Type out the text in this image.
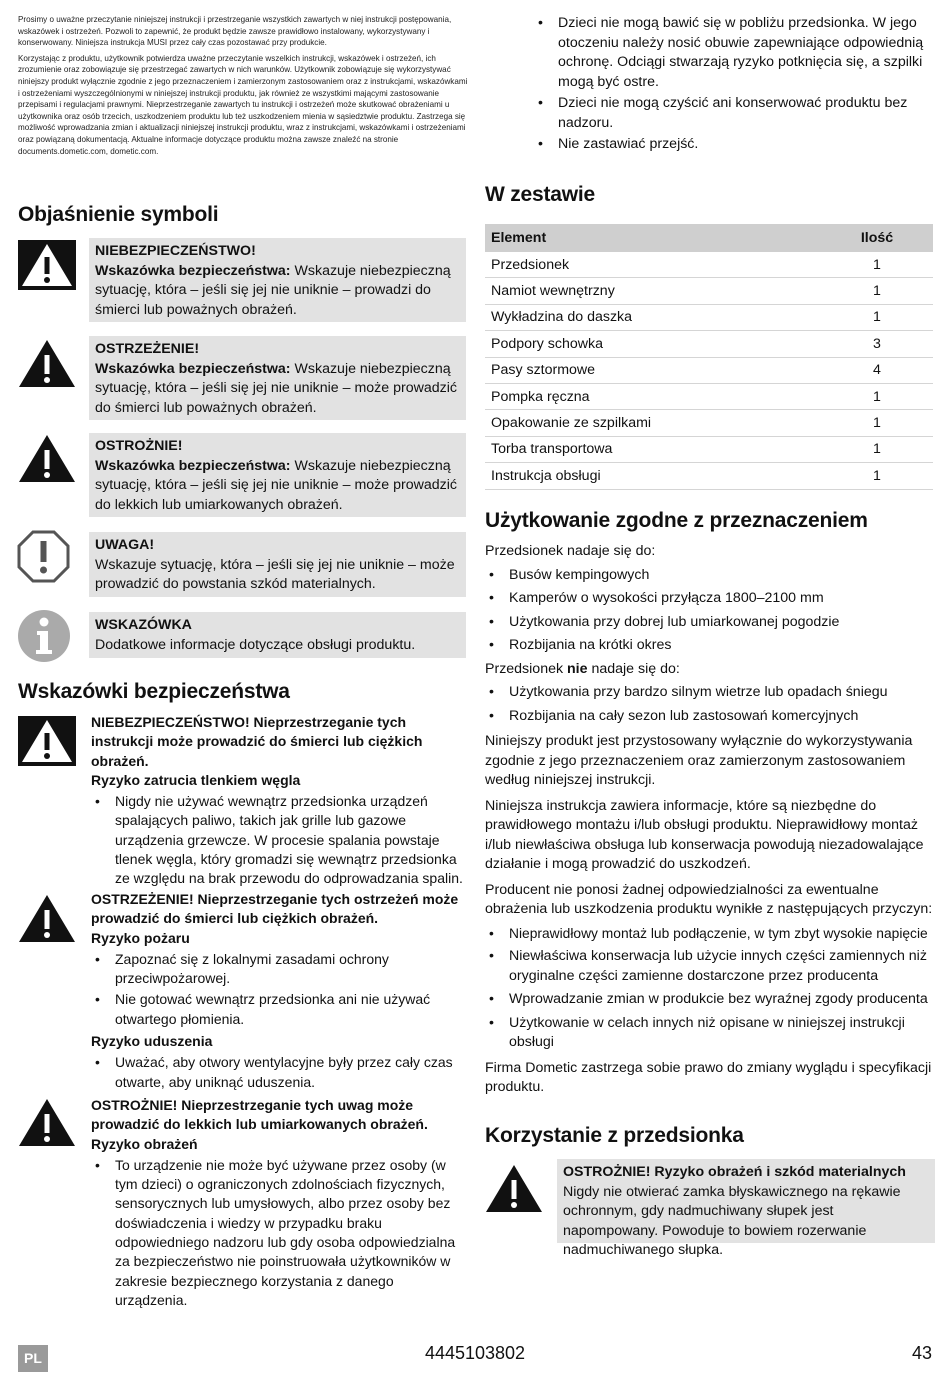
Prosimy o uważne przeczytanie niniejszej instrukcji i przestrzeganie wszystkich zawartych w niej instrukcji postępowania, wskazówek i ostrzeżeń. Pozwoli to zapewnić, że produkt będzie zawsze prawidłowo instalowany, wykorzystywany i konserwowany. Niniejsza instrukcja MUSI przez cały czas pozostawać przy produkcie.

Korzystając z produktu, użytkownik potwierdza uważne przeczytanie wszelkich instrukcji, wskazówek i ostrzeżeń, ich zrozumienie oraz zobowiązuje się przestrzegać zawartych w nich warunków. Użytkownik zobowiązuje się wykorzystywać niniejszy produkt wyłącznie zgodnie z jego przeznaczeniem i zamierzonym zastosowaniem oraz z instrukcjami, wskazówkami i ostrzeżeniami wyszczególnionymi w niniejszej instrukcji produktu, jak również ze wszystkimi mającymi zastosowanie przepisami i regulacjami prawnymi. Nieprzestrzeganie zawartych tu instrukcji i ostrzeżeń może skutkować obrażeniami u użytkownika oraz osób trzecich, uszkodzeniem produktu lub też uszkodzeniem mienia w sąsiedztwie produktu. Zastrzega się możliwość wprowadzania zmian i aktualizacji niniejszej instrukcji produktu, wraz z instrukcjami, wskazówkami i ostrzeżeniami oraz powiązaną dokumentacją. Aktualne informacje dotyczące produktu można zawsze znaleźć na stronie documents.dometic.com, dometic.com.

Objaśnienie symboli
NIEBEZPIECZEŃSTWO!
Wskazówka bezpieczeństwa: Wskazuje niebezpieczną sytuację, która – jeśli się jej nie uniknie – prowadzi do śmierci lub poważnych obrażeń.
OSTRZEŻENIE!
Wskazówka bezpieczeństwa: Wskazuje niebezpieczną sytuację, która – jeśli się jej nie uniknie – może prowadzić do śmierci lub poważnych obrażeń.
OSTROŻNIE!
Wskazówka bezpieczeństwa: Wskazuje niebezpieczną sytuację, która – jeśli się jej nie uniknie – może prowadzić do lekkich lub umiarkowanych obrażeń.
UWAGA!
Wskazuje sytuację, która – jeśli się jej nie uniknie – może prowadzić do powstania szkód materialnych.
WSKAZÓWKA
Dodatkowe informacje dotyczące obsługi produktu.
Wskazówki bezpieczeństwa
NIEBEZPIECZEŃSTWO! Nieprzestrzeganie tych instrukcji może prowadzić do śmierci lub ciężkich obrażeń.
Ryzyko zatrucia tlenkiem węgla
• Nigdy nie używać wewnątrz przedsionka urządzeń spalających paliwo, takich jak grille lub gazowe urządzenia grzewcze. W procesie spalania powstaje tlenek węgla, który gromadzi się wewnątrz przedsionka ze względu na brak przewodu do odprowadzania spalin.
OSTRZEŻENIE! Nieprzestrzeganie tych ostrzeżeń może prowadzić do śmierci lub ciężkich obrażeń.
Ryzyko pożaru
• Zapoznać się z lokalnymi zasadami ochrony przeciwpożarowej.
• Nie gotować wewnątrz przedsionka ani nie używać otwartego płomienia.
Ryzyko uduszenia
• Uważać, aby otwory wentylacyjne były przez cały czas otwarte, aby uniknąć uduszenia.
OSTROŻNIE! Nieprzestrzeganie tych uwag może prowadzić do lekkich lub umiarkowanych obrażeń.
Ryzyko obrażeń
• To urządzenie nie może być używane przez osoby (w tym dzieci) o ograniczonych zdolnościach fizycznych, sensorycznych lub umysłowych, albo przez osoby bez doświadczenia i wiedzy w przypadku braku odpowiedniego nadzoru lub gdy osoba odpowiedzialna za bezpieczeństwo nie poinstruowała użytkowników w zakresie bezpiecznego korzystania z danego urządzenia.
• Dzieci nie mogą bawić się w pobliżu przedsionka. W jego otoczeniu należy nosić obuwie zapewniające odpowiednią ochronę. Odciągi stwarzają ryzyko potknięcia się, a szpilki mogą być ostre.
• Dzieci nie mogą czyścić ani konserwować produktu bez nadzoru.
• Nie zastawiać przejść.
W zestawie
Element	Ilość
Przedsionek	1
Namiot wewnętrzny	1
Wykładzina do daszka	1
Podpory schowka	3
Pasy sztormowe	4
Pompka ręczna	1
Opakowanie ze szpilkami	1
Torba transportowa	1
Instrukcja obsługi	1
Użytkowanie zgodne z przeznaczeniem

Przedsionek nadaje się do:

• Busów kempingowych
• Kamperów o wysokości przyłącza 1800–2100 mm
• Użytkowania przy dobrej lub umiarkowanej pogodzie
• Rozbijania na krótki okres

Przedsionek nie nadaje się do:

• Użytkowania przy bardzo silnym wietrze lub opadach śniegu
• Rozbijania na cały sezon lub zastosowań komercyjnych

Niniejszy produkt jest przystosowany wyłącznie do wykorzystywania zgodnie z jego przeznaczeniem oraz zamierzonym zastosowaniem według niniejszej instrukcji.

Niniejsza instrukcja zawiera informacje, które są niezbędne do prawidłowego montażu i/lub obsługi produktu. Nieprawidłowy montaż i/lub niewłaściwa obsługa lub konserwacja powodują niezadowalające działanie i mogą prowadzić do uszkodzeń.

Producent nie ponosi żadnej odpowiedzialności za ewentualne obrażenia lub uszkodzenia produktu wynikłe z następujących przyczyn:

• Nieprawidłowy montaż lub podłączenie, w tym zbyt wysokie napięcie
• Niewłaściwa konserwacja lub użycie innych części zamiennych niż oryginalne części zamienne dostarczone przez producenta
• Wprowadzanie zmian w produkcie bez wyraźnej zgody producenta
• Użytkowanie w celach innych niż opisane w niniejszej instrukcji obsługi

Firma Dometic zastrzega sobie prawo do zmiany wyglądu i specyfikacji produktu.

Korzystanie z przedsionka
OSTROŻNIE! Ryzyko obrażeń i szkód materialnych
Nigdy nie otwierać zamka błyskawicznego na rękawie ochronnym, gdy nadmuchiwany słupek jest napompowany. Powoduje to bowiem rozerwanie nadmuchiwanego słupka.
PL	4445103802	43
